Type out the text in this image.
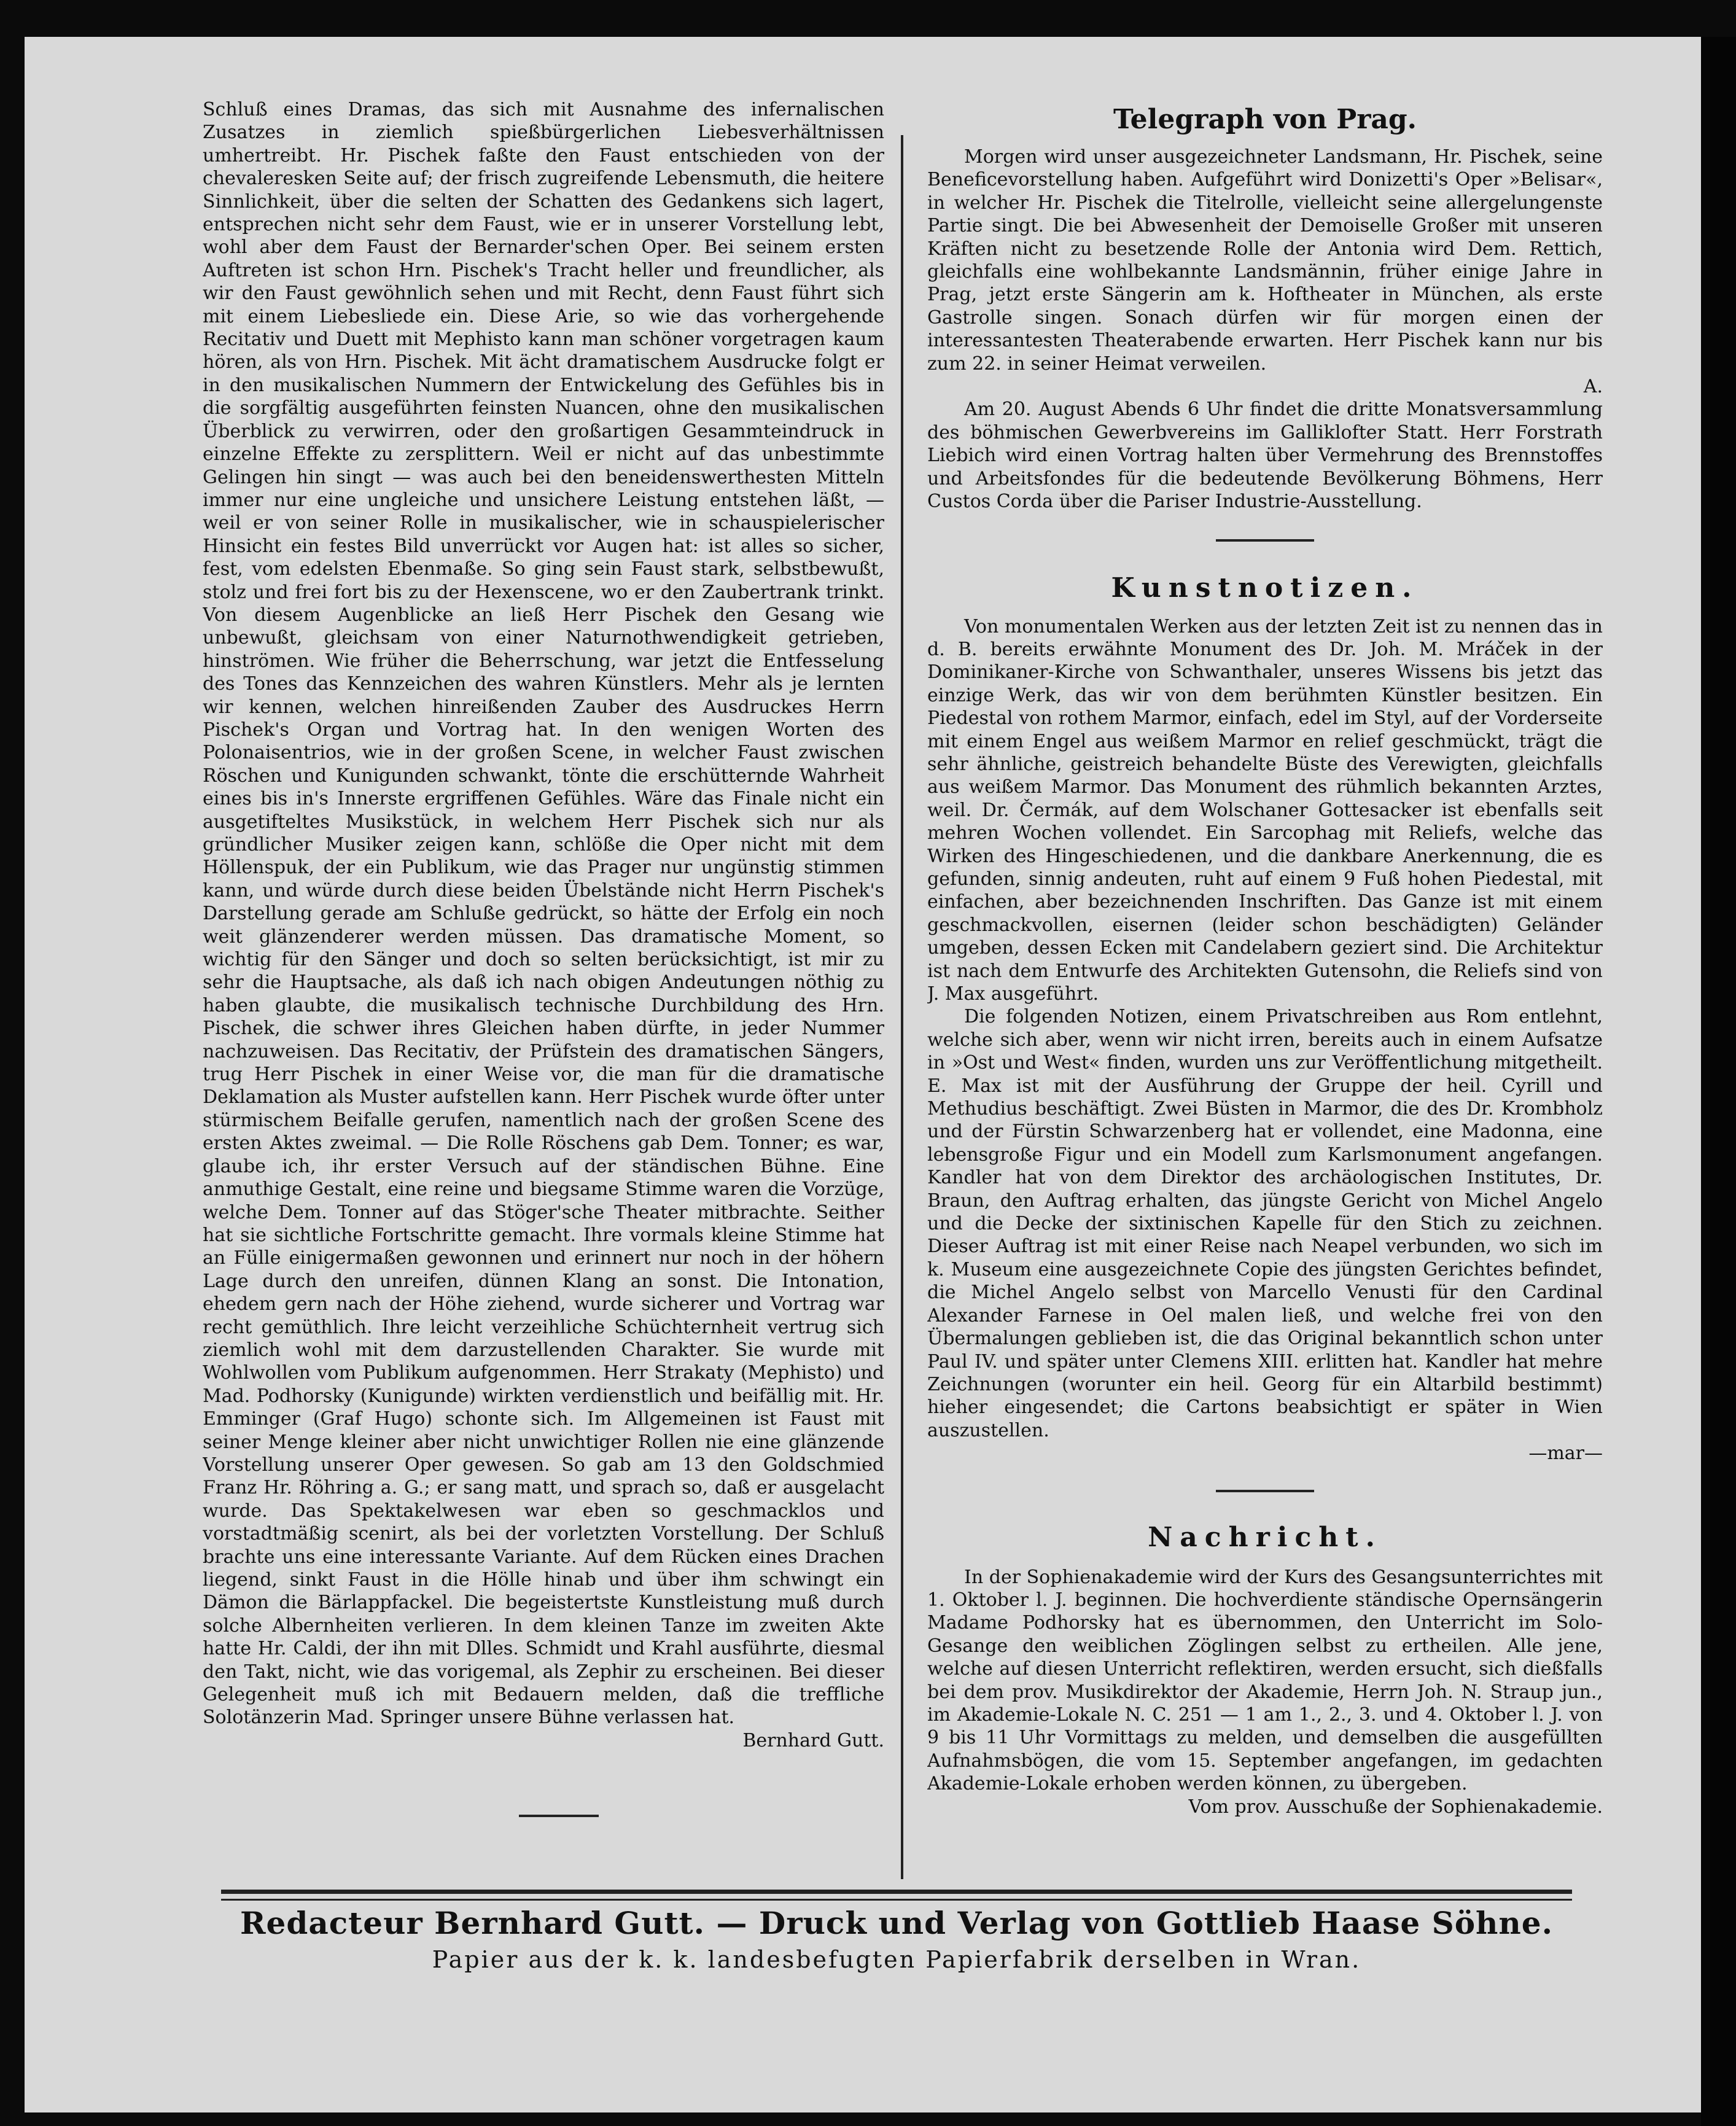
Schluß eines Dramas, das sich mit Ausnahme des infernalischen Zusatzes in ziemlich spießbürgerlichen Liebesverhältnissen umhertreibt. Hr. Pischek faßte den Faust entschieden von der chevaleresken Seite auf; der frisch zugreifende Lebensmuth, die heitere Sinnlichkeit, über die selten der Schatten des Gedankens sich lagert, entsprechen nicht sehr dem Faust, wie er in unserer Vorstellung lebt, wohl aber dem Faust der Bernarder'schen Oper. Bei seinem ersten Auftreten ist schon Hrn. Pischek's Tracht heller und freundlicher, als wir den Faust gewöhnlich sehen und mit Recht, denn Faust führt sich mit einem Liebesliede ein. Diese Arie, so wie das vorhergehende Recitativ und Duett mit Mephisto kann man schöner vorgetragen kaum hören, als von Hrn. Pischek. Mit ächt dramatischem Ausdrucke folgt er in den musikalischen Nummern der Entwickelung des Gefühles bis in die sorgfältig ausgeführten feinsten Nuancen, ohne den musikalischen Überblick zu verwirren, oder den großartigen Gesammteindruck in einzelne Effekte zu zersplittern. Weil er nicht auf das unbestimmte Gelingen hin singt — was auch bei den beneidenswerthesten Mitteln immer nur eine ungleiche und unsichere Leistung entstehen läßt, — weil er von seiner Rolle in musikalischer, wie in schauspielerischer Hinsicht ein festes Bild unverrückt vor Augen hat: ist alles so sicher, fest, vom edelsten Ebenmaße. So ging sein Faust stark, selbstbewußt, stolz und frei fort bis zu der Hexenscene, wo er den Zaubertrank trinkt. Von diesem Augenblicke an ließ Herr Pischek den Gesang wie unbewußt, gleichsam von einer Naturnothwendigkeit getrieben, hinströmen. Wie früher die Beherrschung, war jetzt die Entfesselung des Tones das Kennzeichen des wahren Künstlers. Mehr als je lernten wir kennen, welchen hinreißenden Zauber des Ausdruckes Herrn Pischek's Organ und Vortrag hat. In den wenigen Worten des Polonaisentrios, wie in der großen Scene, in welcher Faust zwischen Röschen und Kunigunden schwankt, tönte die erschütternde Wahrheit eines bis in's Innerste ergriffenen Gefühles. Wäre das Finale nicht ein ausgetifteltes Musikstück, in welchem Herr Pischek sich nur als gründlicher Musiker zeigen kann, schlöße die Oper nicht mit dem Höllenspuk, der ein Publikum, wie das Prager nur ungünstig stimmen kann, und würde durch diese beiden Übelstände nicht Herrn Pischek's Darstellung gerade am Schluße gedrückt, so hätte der Erfolg ein noch weit glänzenderer werden müssen. Das dramatische Moment, so wichtig für den Sänger und doch so selten berücksichtigt, ist mir zu sehr die Hauptsache, als daß ich nach obigen Andeutungen nöthig zu haben glaubte, die musikalisch technische Durchbildung des Hrn. Pischek, die schwer ihres Gleichen haben dürfte, in jeder Nummer nachzuweisen. Das Recitativ, der Prüfstein des dramatischen Sängers, trug Herr Pischek in einer Weise vor, die man für die dramatische Deklamation als Muster aufstellen kann. Herr Pischek wurde öfter unter stürmischem Beifalle gerufen, namentlich nach der großen Scene des ersten Aktes zweimal. — Die Rolle Röschens gab Dem. Tonner; es war, glaube ich, ihr erster Versuch auf der ständischen Bühne. Eine anmuthige Gestalt, eine reine und biegsame Stimme waren die Vorzüge, welche Dem. Tonner auf das Stöger'sche Theater mitbrachte. Seither hat sie sichtliche Fortschritte gemacht. Ihre vormals kleine Stimme hat an Fülle einigermaßen gewonnen und erinnert nur noch in der höhern Lage durch den unreifen, dünnen Klang an sonst. Die Intonation, ehedem gern nach der Höhe ziehend, wurde sicherer und Vortrag war recht gemüthlich. Ihre leicht verzeihliche Schüchternheit vertrug sich ziemlich wohl mit dem darzustellenden Charakter. Sie wurde mit Wohlwollen vom Publikum aufgenommen. Herr Strakaty (Mephisto) und Mad. Podhorsky (Kunigunde) wirkten verdienstlich und beifällig mit. Hr. Emminger (Graf Hugo) schonte sich. Im Allgemeinen ist Faust mit seiner Menge kleiner aber nicht unwichtiger Rollen nie eine glänzende Vorstellung unserer Oper gewesen. So gab am 13 den Goldschmied Franz Hr. Röhring a. G.; er sang matt, und sprach so, daß er ausgelacht wurde. Das Spektakelwesen war eben so geschmacklos und vorstadtmäßig scenirt, als bei der vorletzten Vorstellung. Der Schluß brachte uns eine interessante Variante. Auf dem Rücken eines Drachen liegend, sinkt Faust in die Hölle hinab und über ihm schwingt ein Dämon die Bärlappfackel. Die begeistertste Kunstleistung muß durch solche Albernheiten verlieren. In dem kleinen Tanze im zweiten Akte hatte Hr. Caldi, der ihn mit Dlles. Schmidt und Krahl ausführte, diesmal den Takt, nicht, wie das vorigemal, als Zephir zu erscheinen. Bei dieser Gelegenheit muß ich mit Bedauern melden, daß die treffliche Solotänzerin Mad. Springer unsere Bühne verlassen hat.

Bernhard Gutt.

Telegraph von Prag.

Morgen wird unser ausgezeichneter Landsmann, Hr. Pischek, seine Beneficevorstellung haben. Aufgeführt wird Donizetti's Oper »Belisar«, in welcher Hr. Pischek die Titelrolle, vielleicht seine allergelungenste Partie singt. Die bei Abwesenheit der Demoiselle Großer mit unseren Kräften nicht zu besetzende Rolle der Antonia wird Dem. Rettich, gleichfalls eine wohlbekannte Landsmännin, früher einige Jahre in Prag, jetzt erste Sängerin am k. Hoftheater in München, als erste Gastrolle singen. Sonach dürfen wir für morgen einen der interessantesten Theaterabende erwarten. Herr Pischek kann nur bis zum 22. in seiner Heimat verweilen.

A.

Am 20. August Abends 6 Uhr findet die dritte Monatsversammlung des böhmischen Gewerbvereins im Galliklofter Statt. Herr Forstrath Liebich wird einen Vortrag halten über Vermehrung des Brennstoffes und Arbeitsfondes für die bedeutende Bevölkerung Böhmens, Herr Custos Corda über die Pariser Industrie-Ausstellung.

Kunstnotizen.

Von monumentalen Werken aus der letzten Zeit ist zu nennen das in d. B. bereits erwähnte Monument des Dr. Joh. M. Mráček in der Dominikaner-Kirche von Schwanthaler, unseres Wissens bis jetzt das einzige Werk, das wir von dem berühmten Künstler besitzen. Ein Piedestal von rothem Marmor, einfach, edel im Styl, auf der Vorderseite mit einem Engel aus weißem Marmor en relief geschmückt, trägt die sehr ähnliche, geistreich behandelte Büste des Verewigten, gleichfalls aus weißem Marmor. Das Monument des rühmlich bekannten Arztes, weil. Dr. Čermák, auf dem Wolschaner Gottesacker ist ebenfalls seit mehren Wochen vollendet. Ein Sarcophag mit Reliefs, welche das Wirken des Hingeschiedenen, und die dankbare Anerkennung, die es gefunden, sinnig andeuten, ruht auf einem 9 Fuß hohen Piedestal, mit einfachen, aber bezeichnenden Inschriften. Das Ganze ist mit einem geschmackvollen, eisernen (leider schon beschädigten) Geländer umgeben, dessen Ecken mit Candelabern geziert sind. Die Architektur ist nach dem Entwurfe des Architekten Gutensohn, die Reliefs sind von J. Max ausgeführt.

Die folgenden Notizen, einem Privatschreiben aus Rom entlehnt, welche sich aber, wenn wir nicht irren, bereits auch in einem Aufsatze in »Ost und West« finden, wurden uns zur Veröffentlichung mitgetheilt. E. Max ist mit der Ausführung der Gruppe der heil. Cyrill und Methudius beschäftigt. Zwei Büsten in Marmor, die des Dr. Krombholz und der Fürstin Schwarzenberg hat er vollendet, eine Madonna, eine lebensgroße Figur und ein Modell zum Karlsmonument angefangen. Kandler hat von dem Direktor des archäologischen Institutes, Dr. Braun, den Auftrag erhalten, das jüngste Gericht von Michel Angelo und die Decke der sixtinischen Kapelle für den Stich zu zeichnen. Dieser Auftrag ist mit einer Reise nach Neapel verbunden, wo sich im k. Museum eine ausgezeichnete Copie des jüngsten Gerichtes befindet, die Michel Angelo selbst von Marcello Venusti für den Cardinal Alexander Farnese in Oel malen ließ, und welche frei von den Übermalungen geblieben ist, die das Original bekanntlich schon unter Paul IV. und später unter Clemens XIII. erlitten hat. Kandler hat mehre Zeichnungen (worunter ein heil. Georg für ein Altarbild bestimmt) hieher eingesendet; die Cartons beabsichtigt er später in Wien auszustellen.

—mar—

Nachricht.

In der Sophienakademie wird der Kurs des Gesangsunterrichtes mit 1. Oktober l. J. beginnen. Die hochverdiente ständische Opernsängerin Madame Podhorsky hat es übernommen, den Unterricht im Solo-Gesange den weiblichen Zöglingen selbst zu ertheilen. Alle jene, welche auf diesen Unterricht reflektiren, werden ersucht, sich dießfalls bei dem prov. Musikdirektor der Akademie, Herrn Joh. N. Straup jun., im Akademie-Lokale N. C. 251 — 1 am 1., 2., 3. und 4. Oktober l. J. von 9 bis 11 Uhr Vormittags zu melden, und demselben die ausgefüllten Aufnahmsbögen, die vom 15. September angefangen, im gedachten Akademie-Lokale erhoben werden können, zu übergeben.

Vom prov. Ausschuße der Sophienakademie.

Redacteur Bernhard Gutt. — Druck und Verlag von Gottlieb Haase Söhne.
Papier aus der k. k. landesbefugten Papierfabrik derselben in Wran.
